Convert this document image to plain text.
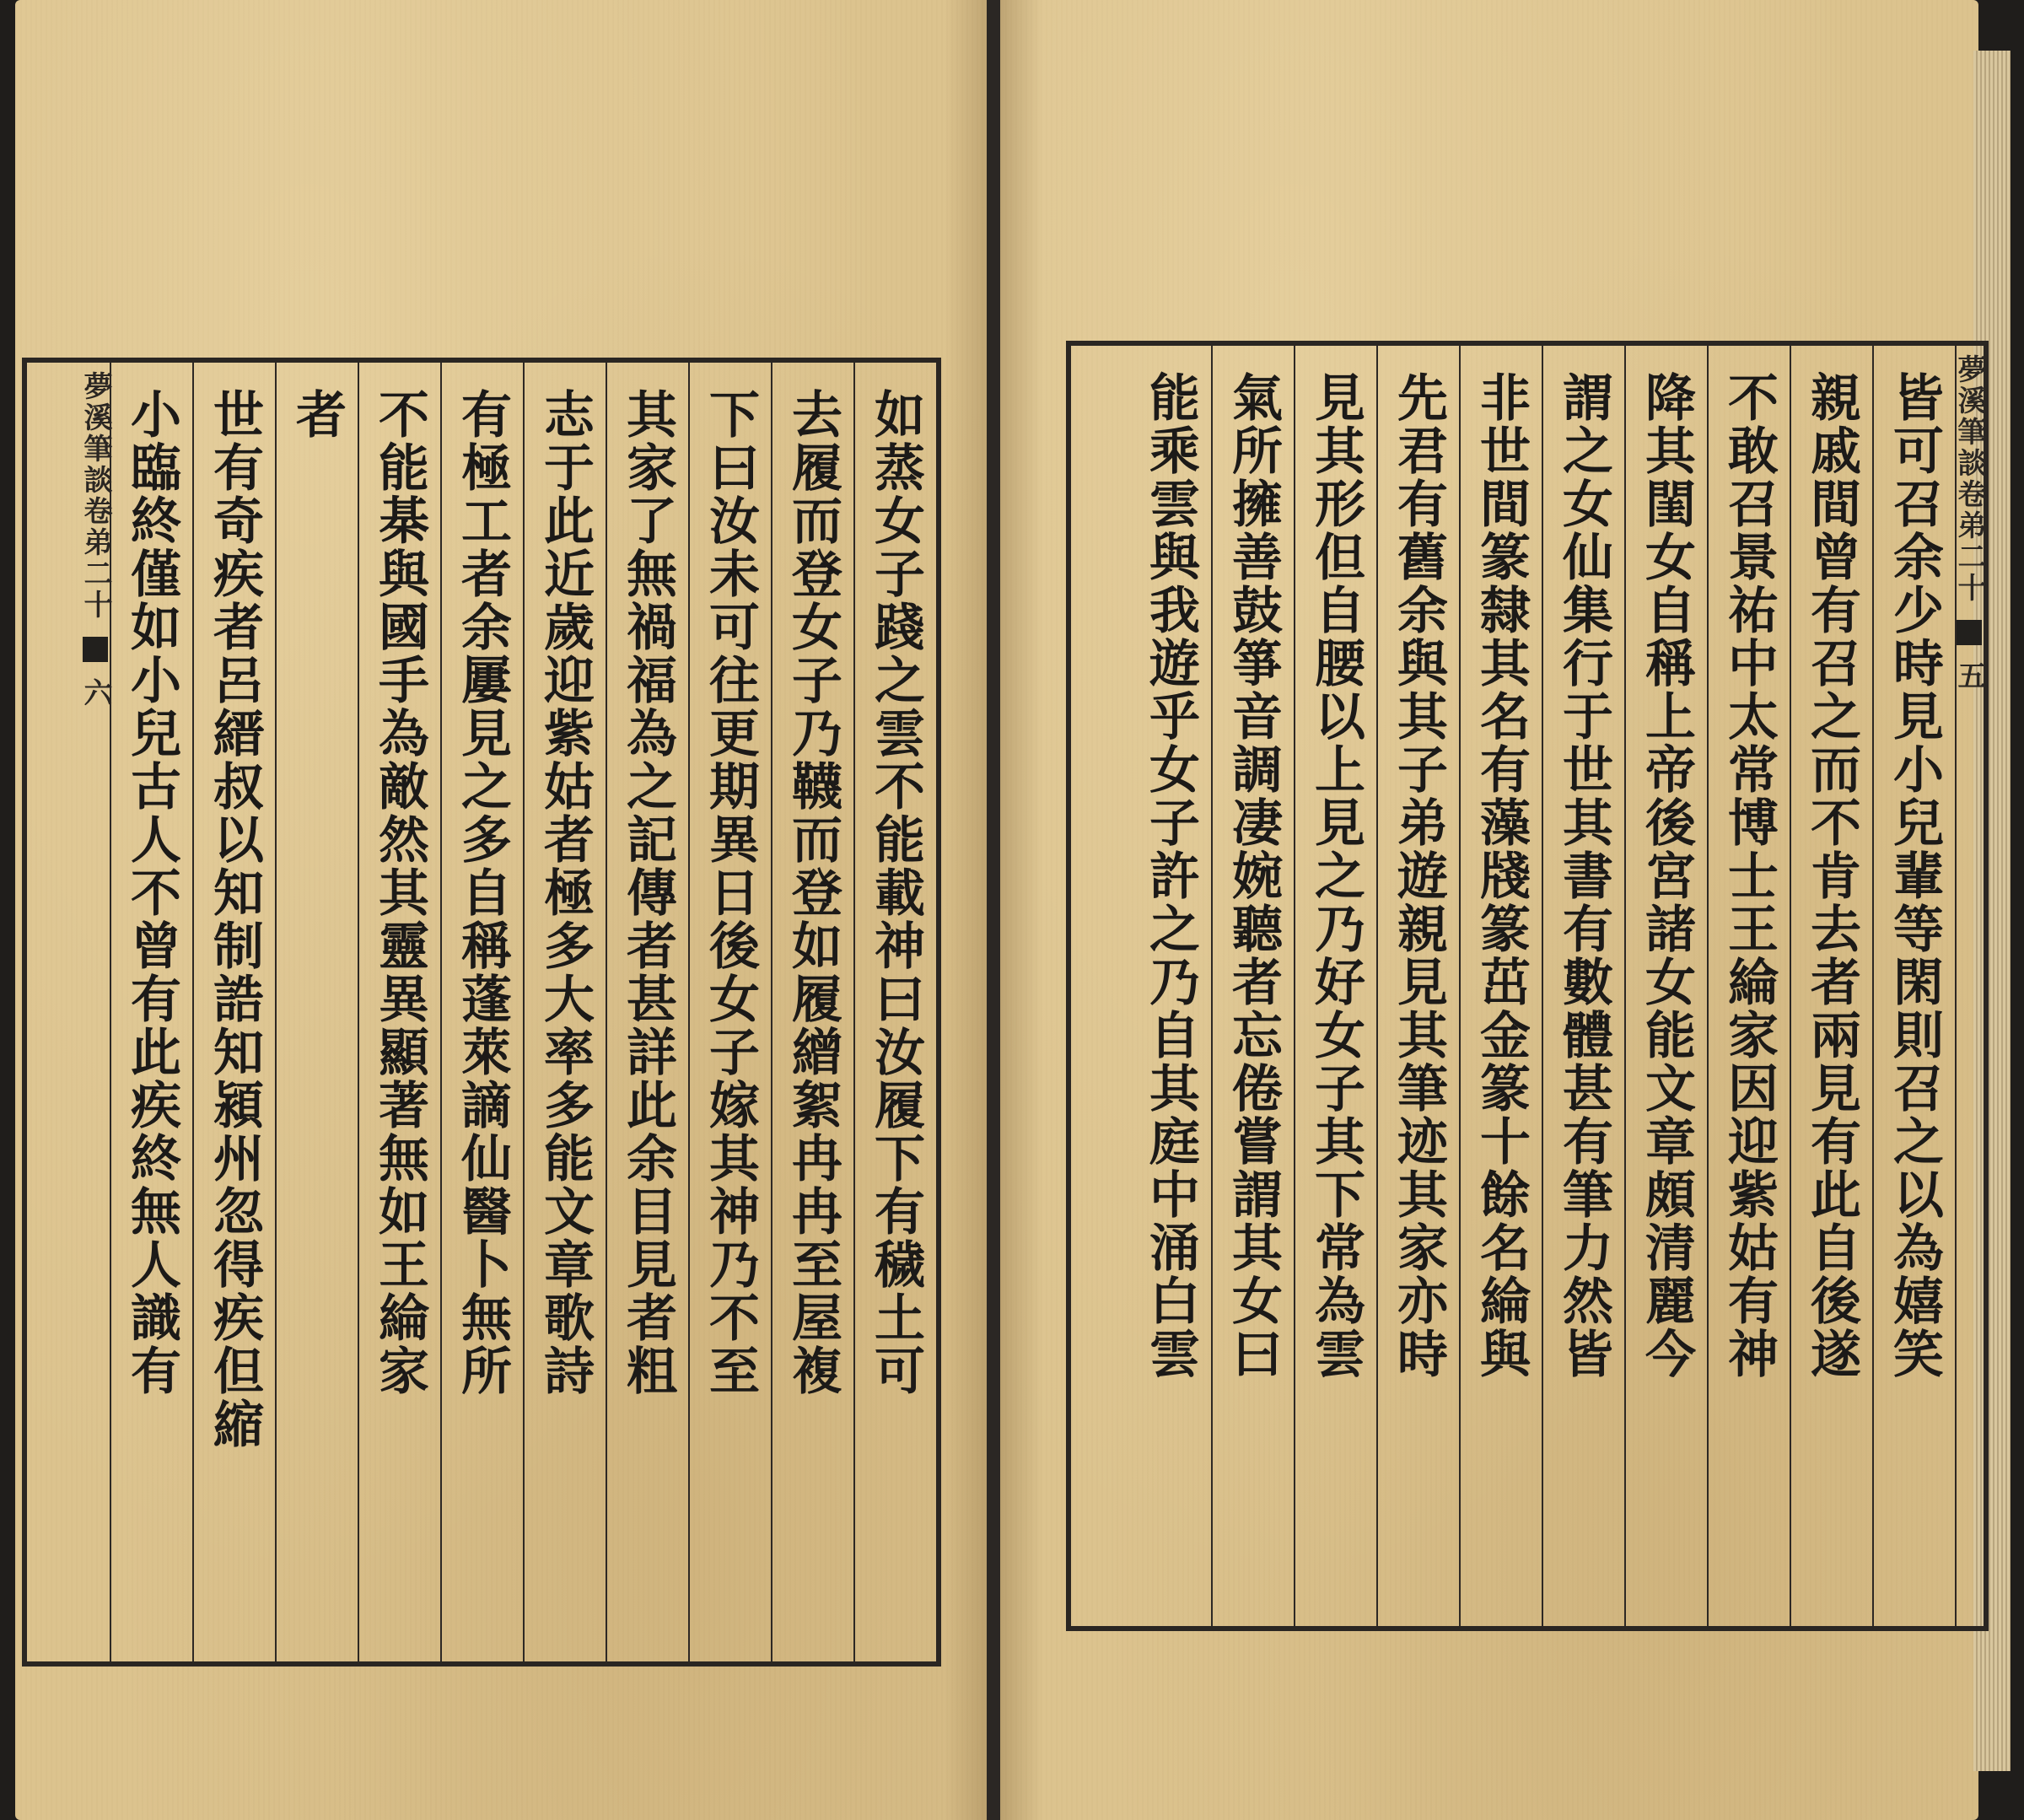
夢溪筆談卷弟二十  五
皆可召余少時見小兒輩等閑則召之以為嬉笑
親戚間曾有召之而不肯去者兩見有此自後遂
不敢召景祐中太常博士王綸家因迎紫姑有神
降其閨女自稱上帝後宮諸女能文章頗清麗今
謂之女仙集行于世其書有數體甚有筆力然皆
非世間篆隸其名有藻牋篆茁金篆十餘名綸與
先君有舊余與其子弟遊親見其筆迹其家亦時
見其形但自腰以上見之乃好女子其下常為雲
氣所擁善鼓箏音調凄婉聽者忘倦嘗謂其女曰
能乘雲與我遊乎女子許之乃自其庭中涌白雲
如蒸女子踐之雲不能載神曰汝履下有穢土可
去履而登女子乃韈而登如履繒絮冉冉至屋複
下曰汝未可往更期異日後女子嫁其神乃不至
其家了無禍福為之記傳者甚詳此余目見者粗
志于此近歲迎紫姑者極多大率多能文章歌詩
有極工者余屢見之多自稱蓬萊謫仙醫卜無所
不能棊與國手為敵然其靈異顯著無如王綸家
者
世有奇疾者呂縉叔以知制誥知潁州忽得疾但縮
小臨終僅如小兒古人不曾有此疾終無人識有
夢溪筆談卷弟二十  六
